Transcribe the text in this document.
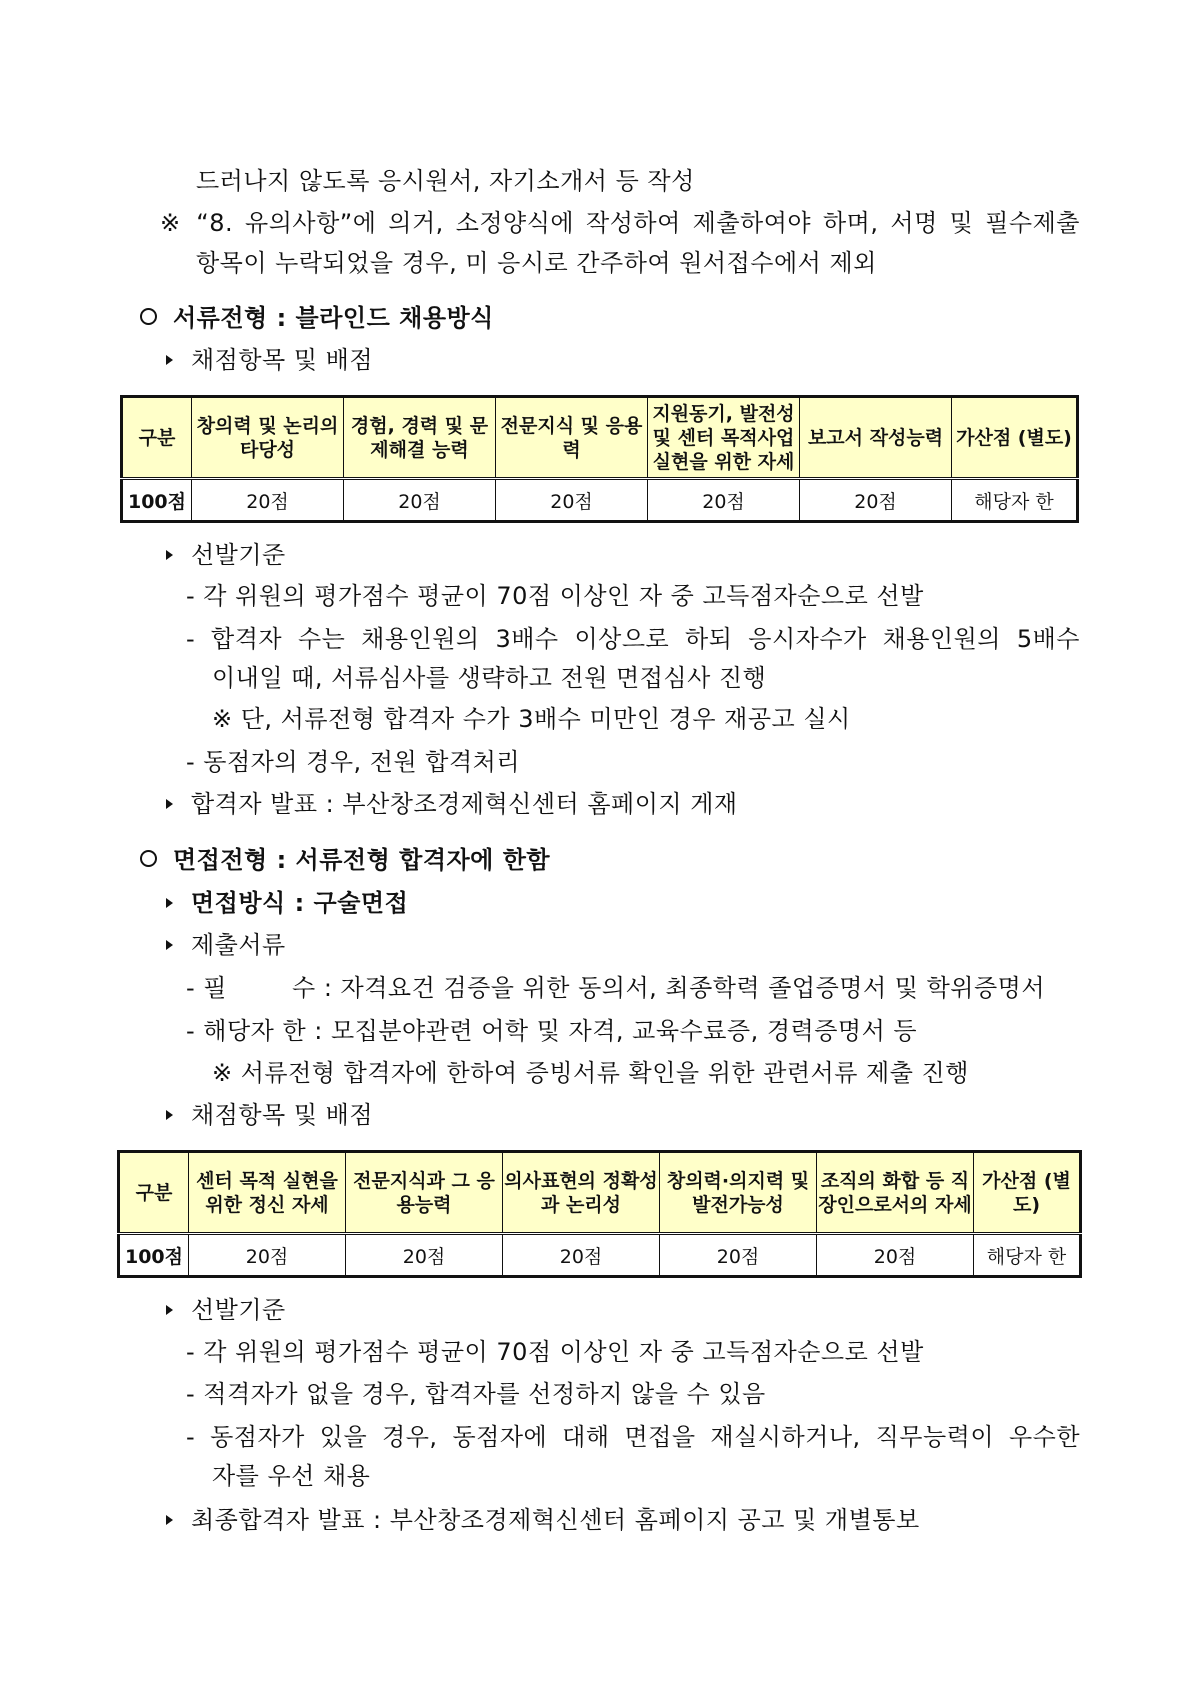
드러나지 않도록 응시원서, 자기소개서 등 작성
※ “8. 유의사항”에 의거, 소정양식에 작성하여 제출하여야 하며, 서명 및 필수제출
항목이 누락되었을 경우, 미 응시로 간주하여 원서접수에서 제외
서류전형 : 블라인드 채용방식
채점항목 및 배점
구분	창의력 및 논리의 타당성	경험, 경력 및 문제해결 능력	전문지식 및 응용력	지원동기, 발전성 및 센터 목적사업 실현을 위한 자세	보고서 작성능력	가산점 (별도)
100점	20점	20점	20점	20점	20점	해당자 한
선발기준
- 각 위원의 평가점수 평균이 70점 이상인 자 중 고득점자순으로 선발
- 합격자 수는 채용인원의 3배수 이상으로 하되 응시자수가 채용인원의 5배수
이내일 때, 서류심사를 생략하고 전원 면접심사 진행
※ 단, 서류전형 합격자 수가 3배수 미만인 경우 재공고 실시
- 동점자의 경우, 전원 합격처리
합격자 발표 : 부산창조경제혁신센터 홈페이지 게재
면접전형 : 서류전형 합격자에 한함
면접방식 : 구술면접
제출서류
- 필        수 : 자격요건 검증을 위한 동의서, 최종학력 졸업증명서 및 학위증명서
- 해당자 한 : 모집분야관련 어학 및 자격, 교육수료증, 경력증명서 등
※ 서류전형 합격자에 한하여 증빙서류 확인을 위한 관련서류 제출 진행
채점항목 및 배점
구분	센터 목적 실현을 위한 정신 자세	전문지식과 그 응용능력	의사표현의 정확성과 논리성	창의력·의지력 및 발전가능성	조직의 화합 등 직장인으로서의 자세	가산점 (별도)
100점	20점	20점	20점	20점	20점	해당자 한
선발기준
- 각 위원의 평가점수 평균이 70점 이상인 자 중 고득점자순으로 선발
- 적격자가 없을 경우, 합격자를 선정하지 않을 수 있음
- 동점자가 있을 경우, 동점자에 대해 면접을 재실시하거나, 직무능력이 우수한
자를 우선 채용
최종합격자 발표 : 부산창조경제혁신센터 홈페이지 공고 및 개별통보
